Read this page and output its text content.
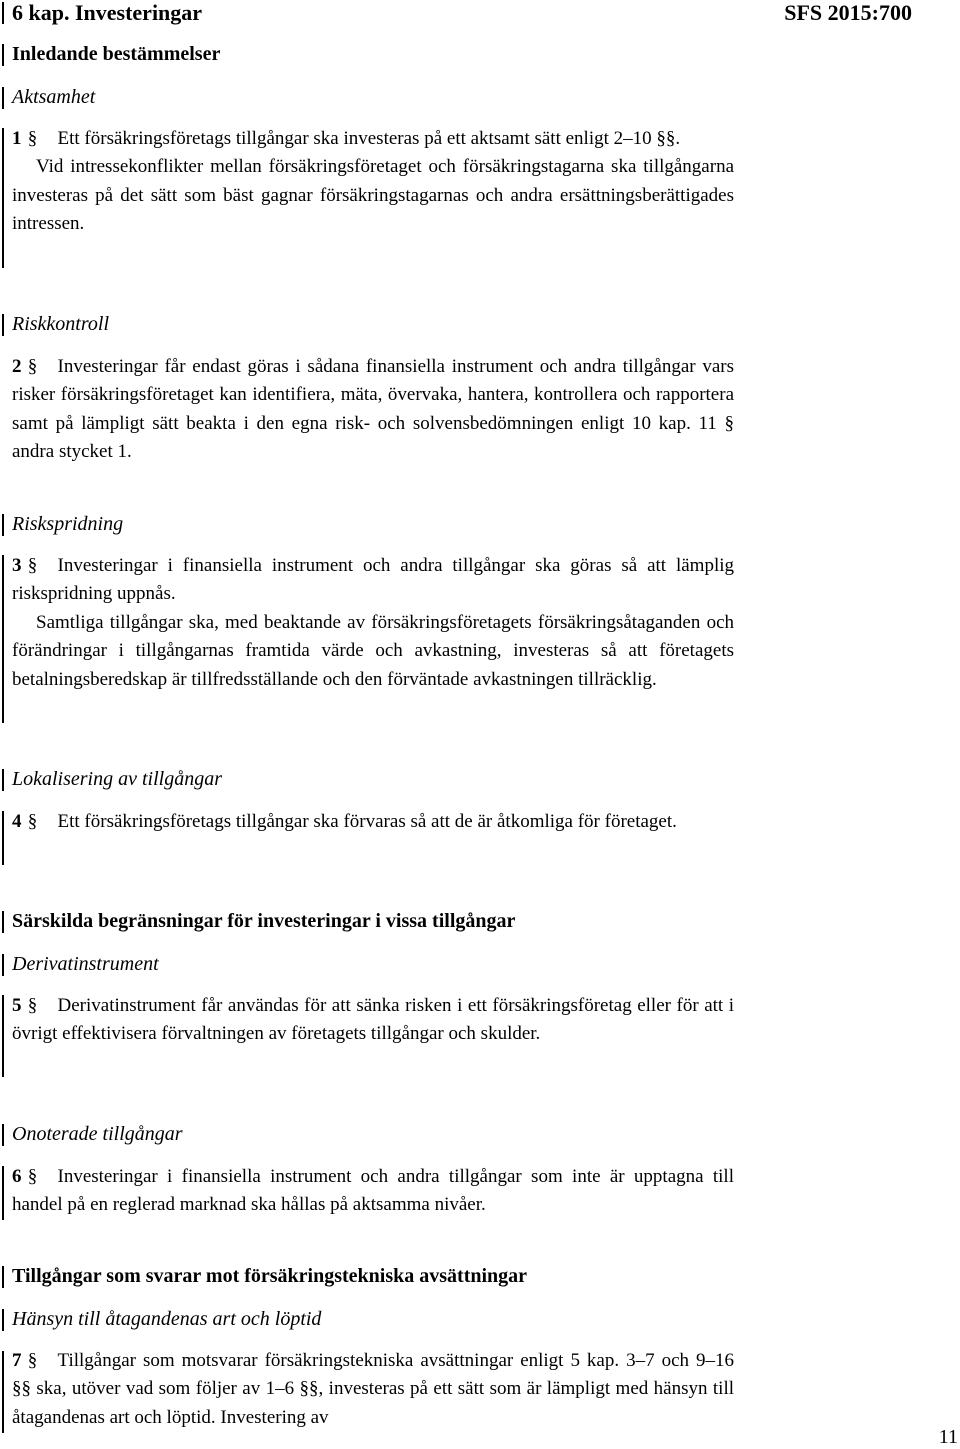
6 kap. Investeringar	SFS 2015:700
Inledande bestämmelser
Aktsamhet
1 § Ett försäkringsföretags tillgångar ska investeras på ett aktsamt sätt enligt 2–10 §§.
Vid intressekonflikter mellan försäkringsföretaget och försäkringstagarna ska tillgångarna investeras på det sätt som bäst gagnar försäkringstagarnas och andra ersättningsberättigades intressen.
Riskkontroll
2 § Investeringar får endast göras i sådana finansiella instrument och andra tillgångar vars risker försäkringsföretaget kan identifiera, mäta, övervaka, hantera, kontrollera och rapportera samt på lämpligt sätt beakta i den egna risk- och solvensbedömningen enligt 10 kap. 11 § andra stycket 1.
Riskspridning
3 § Investeringar i finansiella instrument och andra tillgångar ska göras så att lämplig riskspridning uppnås.
Samtliga tillgångar ska, med beaktande av försäkringsföretagets försäkringsåtaganden och förändringar i tillgångarnas framtida värde och avkastning, investeras så att företagets betalningsberedskap är tillfredsställande och den förväntade avkastningen tillräcklig.
Lokalisering av tillgångar
4 § Ett försäkringsföretags tillgångar ska förvaras så att de är åtkomliga för företaget.
Särskilda begränsningar för investeringar i vissa tillgångar
Derivatinstrument
5 § Derivatinstrument får användas för att sänka risken i ett försäkringsföretag eller för att i övrigt effektivisera förvaltningen av företagets tillgångar och skulder.
Onoterade tillgångar
6 § Investeringar i finansiella instrument och andra tillgångar som inte är upptagna till handel på en reglerad marknad ska hållas på aktsamma nivåer.
Tillgångar som svarar mot försäkringstekniska avsättningar
Hänsyn till åtagandenas art och löptid
7 § Tillgångar som motsvarar försäkringstekniska avsättningar enligt 5 kap. 3–7 och 9–16 §§ ska, utöver vad som följer av 1–6 §§, investeras på ett sätt som är lämpligt med hänsyn till åtagandenas art och löptid. Investering av
11
